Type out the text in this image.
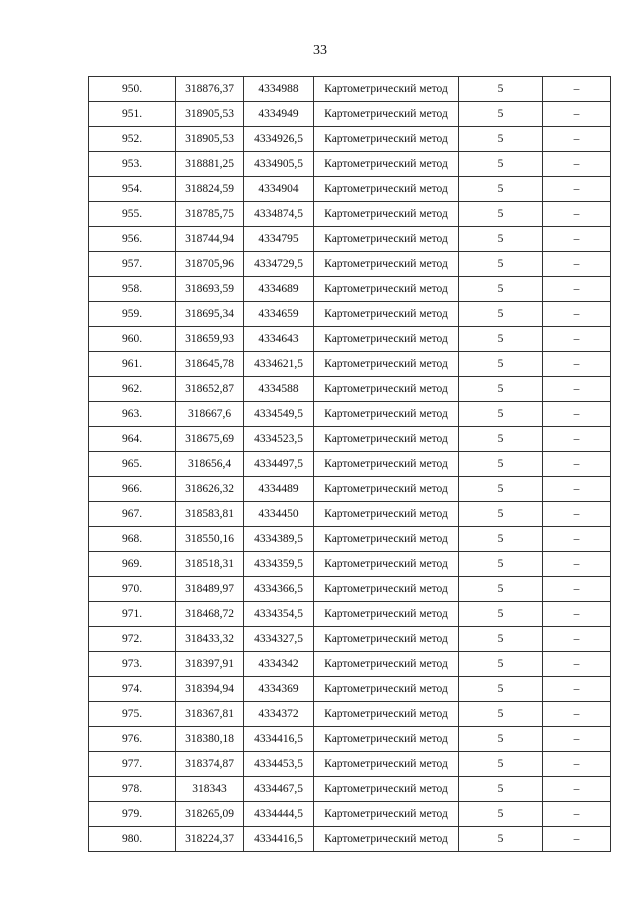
33
950.	318876,37	4334988	Картометрический метод	5	–
951.	318905,53	4334949	Картометрический метод	5	–
952.	318905,53	4334926,5	Картометрический метод	5	–
953.	318881,25	4334905,5	Картометрический метод	5	–
954.	318824,59	4334904	Картометрический метод	5	–
955.	318785,75	4334874,5	Картометрический метод	5	–
956.	318744,94	4334795	Картометрический метод	5	–
957.	318705,96	4334729,5	Картометрический метод	5	–
958.	318693,59	4334689	Картометрический метод	5	–
959.	318695,34	4334659	Картометрический метод	5	–
960.	318659,93	4334643	Картометрический метод	5	–
961.	318645,78	4334621,5	Картометрический метод	5	–
962.	318652,87	4334588	Картометрический метод	5	–
963.	318667,6	4334549,5	Картометрический метод	5	–
964.	318675,69	4334523,5	Картометрический метод	5	–
965.	318656,4	4334497,5	Картометрический метод	5	–
966.	318626,32	4334489	Картометрический метод	5	–
967.	318583,81	4334450	Картометрический метод	5	–
968.	318550,16	4334389,5	Картометрический метод	5	–
969.	318518,31	4334359,5	Картометрический метод	5	–
970.	318489,97	4334366,5	Картометрический метод	5	–
971.	318468,72	4334354,5	Картометрический метод	5	–
972.	318433,32	4334327,5	Картометрический метод	5	–
973.	318397,91	4334342	Картометрический метод	5	–
974.	318394,94	4334369	Картометрический метод	5	–
975.	318367,81	4334372	Картометрический метод	5	–
976.	318380,18	4334416,5	Картометрический метод	5	–
977.	318374,87	4334453,5	Картометрический метод	5	–
978.	318343	4334467,5	Картометрический метод	5	–
979.	318265,09	4334444,5	Картометрический метод	5	–
980.	318224,37	4334416,5	Картометрический метод	5	–
